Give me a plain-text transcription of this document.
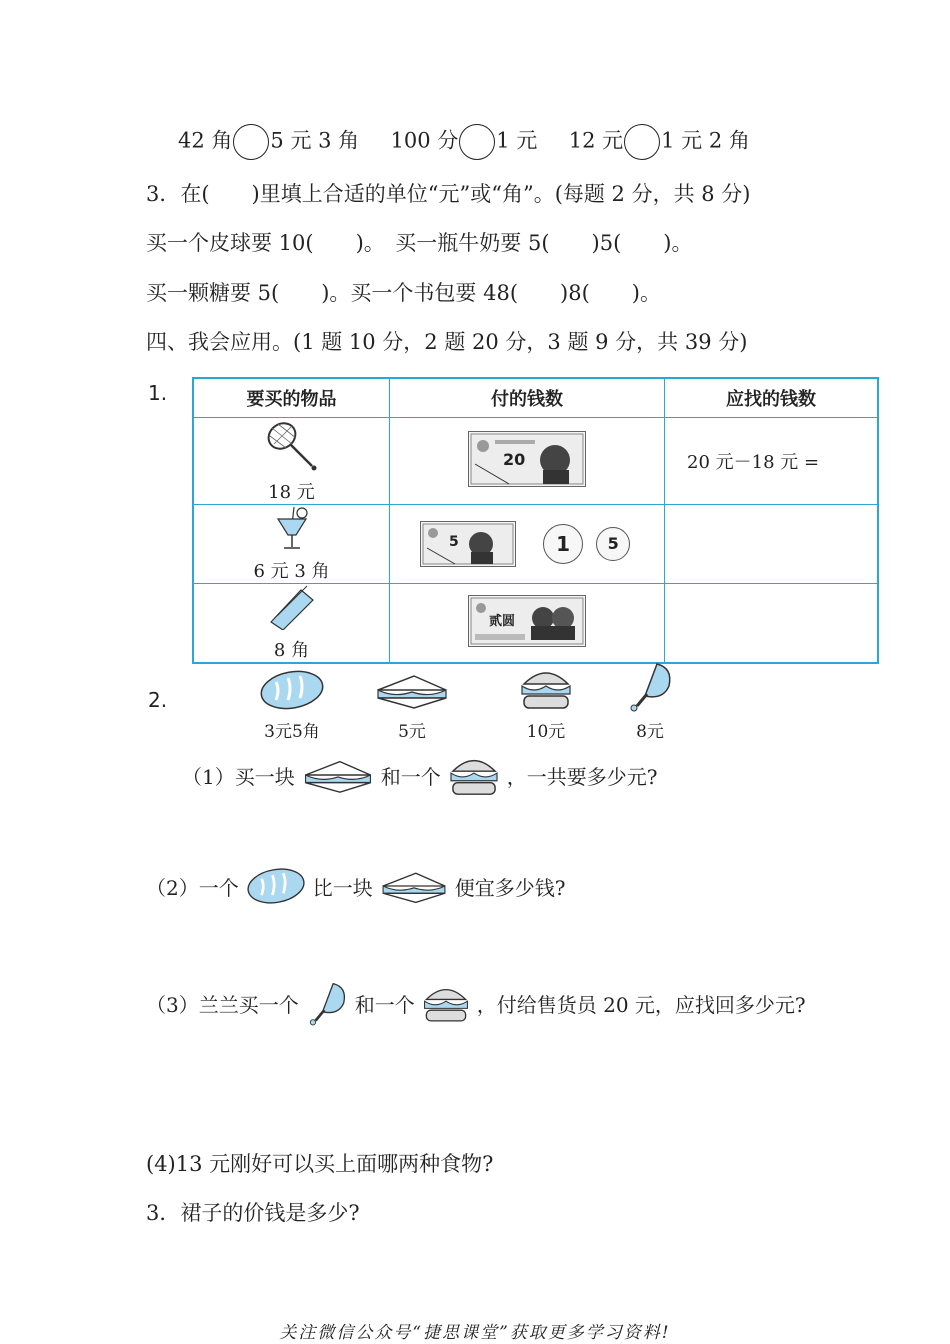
42 角 5 元 3 角 100 分 1 元 12 元 1 元 2 角
3．在(　　)里填上合适的单位“元”或“角”。(每题 2 分，共 8 分)
买一个皮球要 10(　　)。　买一瓶牛奶要 5(　　)5(　　)。
买一颗糖要 5(　　)。买一个书包要 48(　　)8(　　)。
四、我会应用。(1 题 10 分，2 题 20 分，3 题 9 分，共 39 分)
1.	要买的物品	付的钱数	应找的钱数

18 元	20	20 元－18 元 =

6 元 3 角	5 1 5	

8 角	贰圆	

2.
3元5角	5元	10元	8元
（1）买一块	和一个	，一共要多少元?
（2）一个	比一块	便宜多少钱?
（3）兰兰买一个	和一个	，付给售货员 20 元，应找回多少元?
(4)13 元刚好可以买上面哪两种食物?
3．裙子的价钱是多少?
关注微信公众号“捷思课堂”获取更多学习资料!
